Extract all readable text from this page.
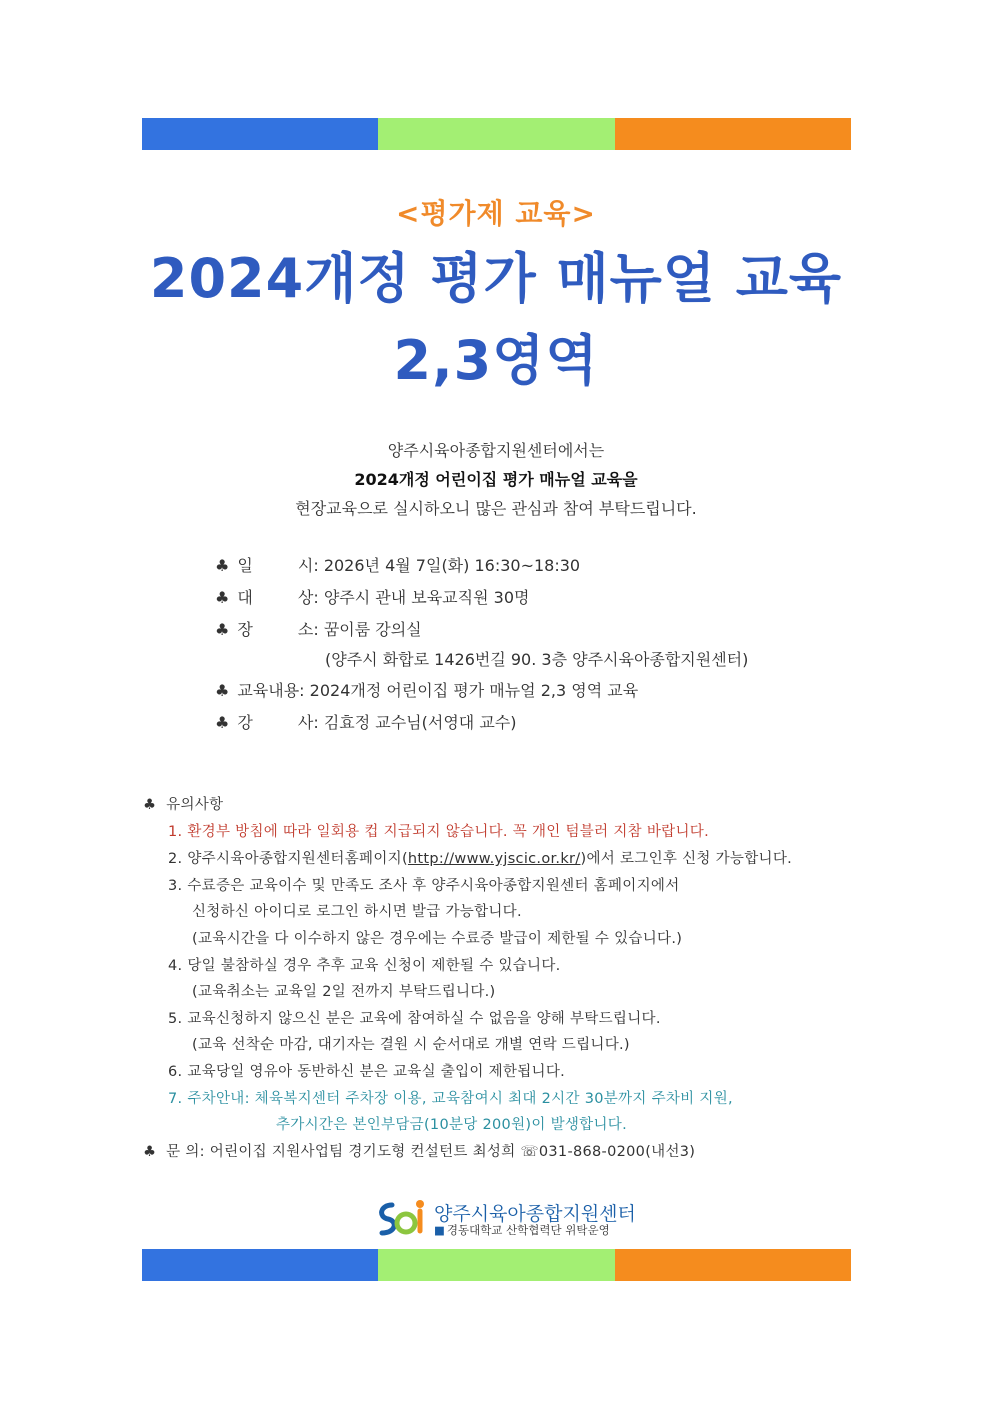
<평가제 교육>
2024개정 평가 매뉴얼 교육
2,3영역
양주시육아종합지원센터에서는
2024개정 어린이집 평가 매뉴얼 교육을
현장교육으로 실시하오니 많은 관심과 참여 부탁드립니다.
♣ 일 시: 2026년 4월 7일(화) 16:30~18:30
♣ 대 상: 양주시 관내 보육교직원 30명
♣ 장 소: 꿈이룸 강의실
(양주시 화합로 1426번길 90. 3층 양주시육아종합지원센터)
♣ 교육내용: 2024개정 어린이집 평가 매뉴얼 2,3 영역 교육
♣ 강 사: 김효정 교수님(서영대 교수)
♣ 유의사항
1. 환경부 방침에 따라 일회용 컵 지급되지 않습니다. 꼭 개인 텀블러 지참 바랍니다.
2. 양주시육아종합지원센터홈페이지(http://www.yjscic.or.kr/)에서 로그인후 신청 가능합니다.
3. 수료증은 교육이수 및 만족도 조사 후 양주시육아종합지원센터 홈페이지에서
신청하신 아이디로 로그인 하시면 발급 가능합니다.
(교육시간을 다 이수하지 않은 경우에는 수료증 발급이 제한될 수 있습니다.)
4. 당일 불참하실 경우 추후 교육 신청이 제한될 수 있습니다.
(교육취소는 교육일 2일 전까지 부탁드립니다.)
5. 교육신청하지 않으신 분은 교육에 참여하실 수 없음을 양해 부탁드립니다.
(교육 선착순 마감, 대기자는 결원 시 순서대로 개별 연락 드립니다.)
6. 교육당일 영유아 동반하신 분은 교육실 출입이 제한됩니다.
7. 주차안내: 체육복지센터 주차장 이용, 교육참여시 최대 2시간 30분까지 주차비 지원,
추가시간은 본인부담금(10분당 200원)이 발생합니다.
♣ 문 의: 어린이집 지원사업팀 경기도형 컨설턴트 최성희 ☏031-868-0200(내선3)
양주시육아종합지원센터
■ 경동대학교 산학협력단 위탁운영
